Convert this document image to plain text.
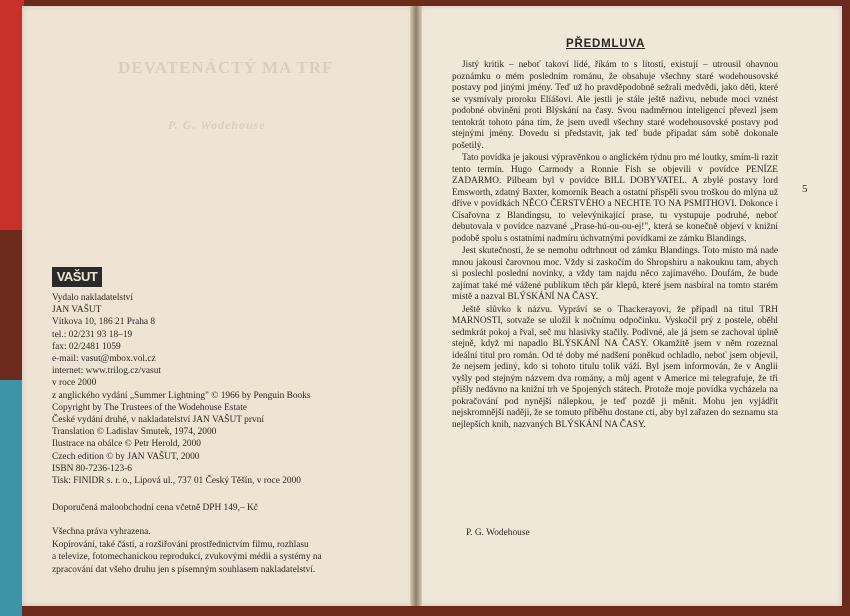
DEVATENÁCTÝ MA TRF
P. G. Wodehouse
VAŠUT
Vydalo nakladatelství
JAN VAŠUT
Vítkova 10, 186 21 Praha 8
tel.: 02/231 93 18–19
fax: 02/2481 1059
e-mail: vasut@mbox.vol.cz
internet: www.trilog.cz/vasut
v roce 2000
z anglického vydání „Summer Lightning" © 1966 by Penguin Books
Copyright by The Trustees of the Wodehouse Estate
České vydání druhé, v nakladatelství JAN VAŠUT první
Translation © Ladislav Smutek, 1974, 2000
Ilustrace na obálce © Petr Herold, 2000
Czech edition © by JAN VAŠUT, 2000
ISBN 80-7236-123-6
Tisk: FINIDR s. r. o., Lipová ul., 737 01 Český Těšín, v roce 2000
Doporučená maloobchodní cena včetně DPH 149,– Kč
Všechna práva vyhrazena.
Kopírování, také částí, a rozšiřování prostřednictvím filmu, rozhlasu
a televize, fotomechanickou reprodukcí, zvukovými médii a systémy na
zpracování dat všeho druhu jen s písemným souhlasem nakladatelství.
PŘEDMLUVA

Jistý kritik – neboť takoví lidé, říkám to s lítostí, existují – utrousil ohavnou poznámku o mém posledním románu, že obsahuje všechny staré wodehousovské postavy pod jinými jmény. Teď už ho pravděpodobně sežrali medvědi, jako děti, které se vysmívaly proroku Elíášovi. Ale jestli je stále ještě naživu, nebude moci vznést podobné obvinění proti Blýskání na časy. Svou nadměrnou inteligencí převezl jsem tentokrát tohoto pána tím, že jsem uvedl všechny staré wodehousovské postavy pod stejnými jmény. Dovedu si představit, jak teď bude připadat sám sobě dokonale pošetilý.

Tato povídka je jakousi výpravěnkou o anglickém týdnu pro mé loutky, smím-li razit tento termín. Hugo Carmody a Ronnie Fish se objevili v povídce PENÍZE ZADARMO. Pilbeam byl v povídce BILL DOBYVATEL. A zbylé postavy lord Emsworth, zdatný Baxter, komorník Beach a ostatní přispěli svou troškou do mlýna už dříve v povídkách NĚCO ČERSTVÉHO a NECHTE TO NA PSMITHOVI. Dokonce i Císařovna z Blandingsu, to velevýnikající prase, tu vystupuje podruhé, neboť debutovala v povídce nazvané „Prase-hú-ou-ou-ej!", která se konečně objeví v knižní podobě spolu s ostatními nadmíru úchvatnými povídkami ze zámku Blandings.

Jest skutečností, že se nemohu odtrhnout od zámku Blandings. Toto místo má nade mnou jakousi čarovnou moc. Vždy si zaskočím do Shropshiru a nakouknu tam, abych si poslechl poslední novinky, a vždy tam najdu něco zajímavého. Doufám, že bude zajímat také mé vážené publikum těch pár klepů, které jsem nasbíral na tomto starém místě a nazval BLÝSKÁNÍ NA ČASY.

Ještě slůvko k názvu. Vypráví se o Thackerayovi, že případl na titul TRH MARNOSTI, sotvaže se uložil k nočnímu odpočinku. Vyskočil prý z postele, oběhl sedmkrát pokoj a řval, seč mu hlasivky stačily. Podivné, ale já jsem se zachoval úplně stejně, když mi napadlo BLÝSKÁNÍ NA ČASY. Okamžitě jsem v něm rozeznal ideální titul pro román. Od té doby mé nadšení poněkud ochladlo, neboť jsem objevil, že nejsem jediný, kdo si tohoto titulu tolik váží. Byl jsem informován, že v Anglii vyšly pod stejným názvem dva romány, a můj agent v Americe mi telegrafuje, že tři přišly nedávno na knižní trh ve Spojených státech. Protože moje povídka vycházela na pokračování pod nynější nálepkou, je teď pozdě ji měnit. Mohu jen vyjádřit nejskromnější naději, že se tomuto příběhu dostane cti, aby byl zařazen do seznamu sta nejlepších knih, nazvaných BLÝSKÁNÍ NA ČASY.

P. G. Wodehouse
5
